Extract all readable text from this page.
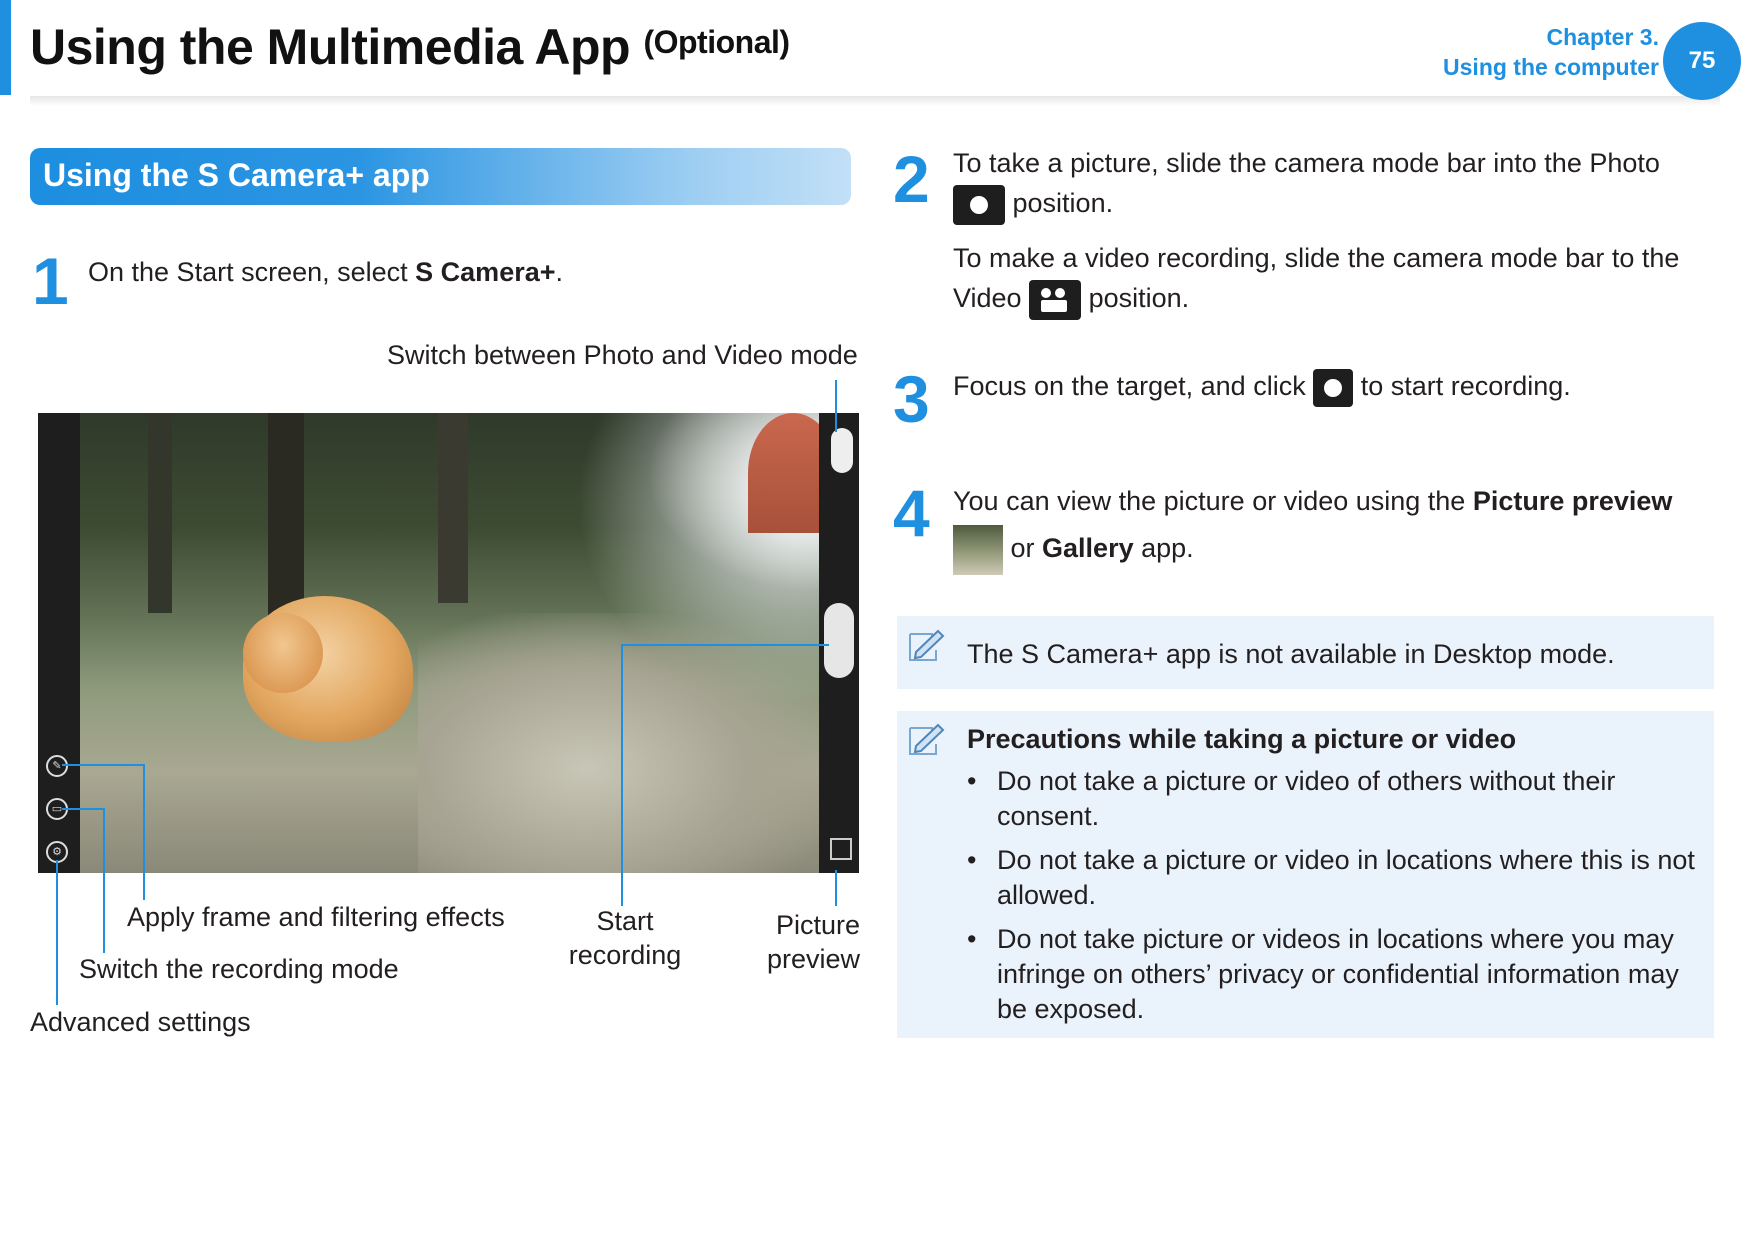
Using the Multimedia App $^{(Optional)}$	Chapter 3.
Using the computer	75
Using the S Camera+ app
1 On the Start screen, select S Camera+.
Switch between Photo and Video mode
✎
▭
⚙
Apply frame and filtering effects
Switch the recording mode
Advanced settings
Start
recording
Picture
preview
2 To take a picture, slide the camera mode bar into the Photo
position.
To make a video recording, slide the camera mode bar to the
Video position.
3 Focus on the target, and click to start recording.
4 You can view the picture or video using the Picture preview
or Gallery app.
The S Camera+ app is not available in Desktop mode.
Precautions while taking a picture or video
• Do not take a picture or video of others without their consent.
• Do not take a picture or video in locations where this is not allowed.
• Do not take picture or videos in locations where you may infringe on others’ privacy or confidential information may be exposed.
